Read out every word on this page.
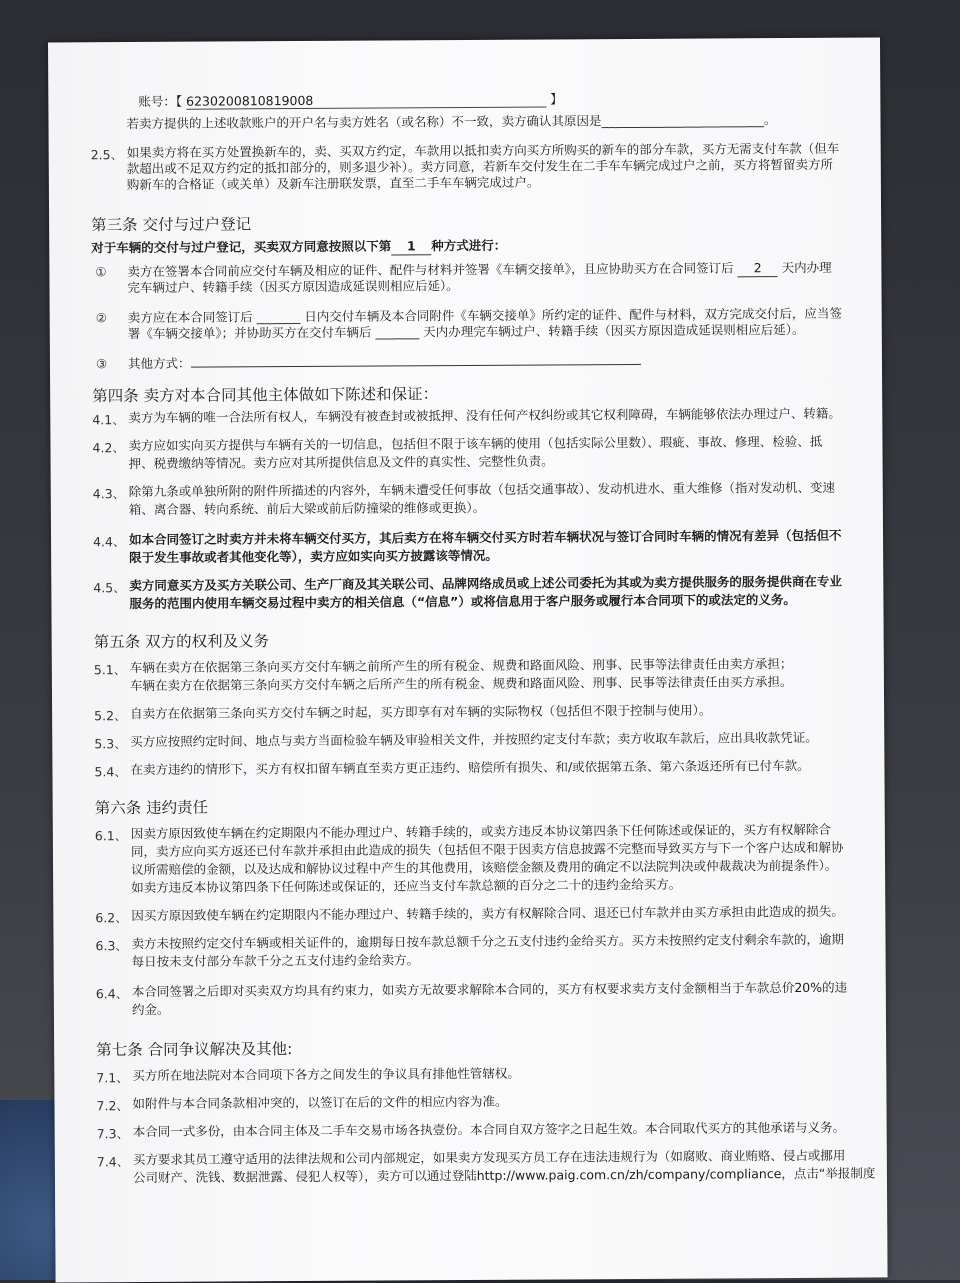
账号：【 6230200810819008	】
若卖方提供的上述收款账户的开户名与卖方姓名（或名称）不一致，卖方确认其原因是__________________________。
2.5、 如果卖方将在买方处置换新车的，卖、买双方约定，车款用以抵扣卖方向买方所购买的新车的部分车款，买方无需支付车款（但车
款超出或不足双方约定的抵扣部分的，则多退少补）。卖方同意，若新车交付发生在二手车车辆完成过户之前，买方将暂留卖方所
购新车的合格证（或关单）及新车注册联发票，直至二手车车辆完成过户。
第三条 交付与过户登记
对于车辆的交付与过户登记，买卖双方同意按照以下第 1 种方式进行：
① 卖方在签署本合同前应交付车辆及相应的证件、配件与材料并签署《车辆交接单》，且应协助买方在合同签订后 2 天内办理
完车辆过户、转籍手续（因买方原因造成延误则相应后延）。
② 卖方应在本合同签订后 _______ 日内交付车辆及本合同附件《车辆交接单》所约定的证件、配件与材料，双方完成交付后，应当签
署《车辆交接单》；并协助买方在交付车辆后 _______ 天内办理完车辆过户、转籍手续（因买方原因造成延误则相应后延）。
③ 其他方式：
第四条 卖方对本合同其他主体做如下陈述和保证：
4.1、 卖方为车辆的唯一合法所有权人，车辆没有被查封或被抵押、没有任何产权纠纷或其它权利障碍，车辆能够依法办理过户、转籍。
4.2、 卖方应如实向买方提供与车辆有关的一切信息，包括但不限于该车辆的使用（包括实际公里数）、瑕疵、事故、修理、检验、抵
押、税费缴纳等情况。卖方应对其所提供信息及文件的真实性、完整性负责。
4.3、 除第九条或单独所附的附件所描述的内容外，车辆未遭受任何事故（包括交通事故）、发动机进水、重大维修（指对发动机、变速
箱、离合器、转向系统、前后大梁或前后防撞梁的维修或更换）。
4.4、 如本合同签订之时卖方并未将车辆交付买方，其后卖方在将车辆交付买方时若车辆状况与签订合同时车辆的情况有差异（包括但不
限于发生事故或者其他变化等），卖方应如实向买方披露该等情况。
4.5、 卖方同意买方及买方关联公司、生产厂商及其关联公司、品牌网络成员或上述公司委托为其或为卖方提供服务的服务提供商在专业
服务的范围内使用车辆交易过程中卖方的相关信息（“信息”）或将信息用于客户服务或履行本合同项下的或法定的义务。
第五条 双方的权利及义务
5.1、 车辆在卖方在依据第三条向买方交付车辆之前所产生的所有税金、规费和路面风险、刑事、民事等法律责任由卖方承担；
车辆在卖方在依据第三条向买方交付车辆之后所产生的所有税金、规费和路面风险、刑事、民事等法律责任由买方承担。
5.2、 自卖方在依据第三条向买方交付车辆之时起，买方即享有对车辆的实际物权（包括但不限于控制与使用）。
5.3、 买方应按照约定时间、地点与卖方当面检验车辆及审验相关文件，并按照约定支付车款；卖方收取车款后，应出具收款凭证。
5.4、 在卖方违约的情形下，买方有权扣留车辆直至卖方更正违约、赔偿所有损失、和/或依据第五条、第六条返还所有已付车款。
第六条 违约责任
6.1、 因卖方原因致使车辆在约定期限内不能办理过户、转籍手续的，或卖方违反本协议第四条下任何陈述或保证的，买方有权解除合
同，卖方应向买方返还已付车款并承担由此造成的损失（包括但不限于因卖方信息披露不完整而导致买方与下一个客户达成和解协
议所需赔偿的金额，以及达成和解协议过程中产生的其他费用，该赔偿金额及费用的确定不以法院判决或仲裁裁决为前提条件）。
如卖方违反本协议第四条下任何陈述或保证的，还应当支付车款总额的百分之二十的违约金给买方。
6.2、 因买方原因致使车辆在约定期限内不能办理过户、转籍手续的，卖方有权解除合同、退还已付车款并由买方承担由此造成的损失。
6.3、 卖方未按照约定交付车辆或相关证件的，逾期每日按车款总额千分之五支付违约金给买方。买方未按照约定支付剩余车款的，逾期
每日按未支付部分车款千分之五支付违约金给卖方。
6.4、 本合同签署之后即对买卖双方均具有约束力，如卖方无故要求解除本合同的，买方有权要求卖方支付金额相当于车款总价20%的违
约金。
第七条 合同争议解决及其他:
7.1、 买方所在地法院对本合同项下各方之间发生的争议具有排他性管辖权。
7.2、 如附件与本合同条款相冲突的，以签订在后的文件的相应内容为准。
7.3、 本合同一式多份，由本合同主体及二手车交易市场各执壹份。本合同自双方签字之日起生效。本合同取代买方的其他承诺与义务。
7.4、 买方要求其员工遵守适用的法律法规和公司内部规定，如果卖方发现买方员工存在违法违规行为（如腐败、商业贿赂、侵占或挪用
公司财产、洗钱、数据泄露、侵犯人权等），卖方可以通过登陆http://www.paig.com.cn/zh/company/compliance，点击“举报制度
